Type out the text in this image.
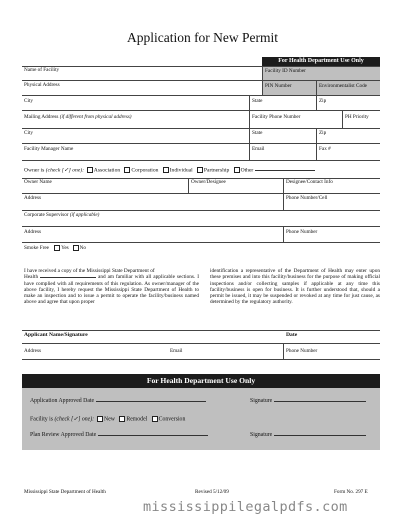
Application for New Permit
For Health Department Use Only
Name of Facility	Facility ID Number
Physical Address	PIN Number	Environmentalist Code
City	State	Zip
Mailing Address (if different from physical address)	Facility Phone Number	PH Priority
City	State	Zip
Facility Manager Name	Email	Fax #
Owner is (check [✓] one): Association Corporation Individual Partnership Other
Owner Name	Owner/Designee	Designee/Contact Info
Address	Phone Number/Cell
Corporate Supervisor (if applicable)
Address	Phone Number
Smoke Free Yes No
I have received a copy of the Mississippi State Department of
Health	and am familiar with all applicable sections. I have complied with all requirements of this regulation. As owner/manager of the above facility, I hereby request the Mississippi State Department of Health to make an inspection and to issue a permit to operate the facility/business named above and agree that upon proper
identification a representative of the Department of Health may enter upon these premises and into this facility/business for the purpose of making official inspections and/or collecting samples if applicable at any time this facility/business is open for business. It is further understood that, should a permit be issued, it may be suspended or revoked at any time for just cause, as determined by the regulatory authority.
Applicant Name/Signature	Date
Address	Email	Phone Number
For Health Department Use Only
Application Approved Date	Signature
Facility is (check [✓] one): New Remodel Conversion
Plan Review Approved Date	Signature
Mississippi State Department of Health	Revised 5/12/09	Form No. 297 E
mississippilegalpdfs.com
